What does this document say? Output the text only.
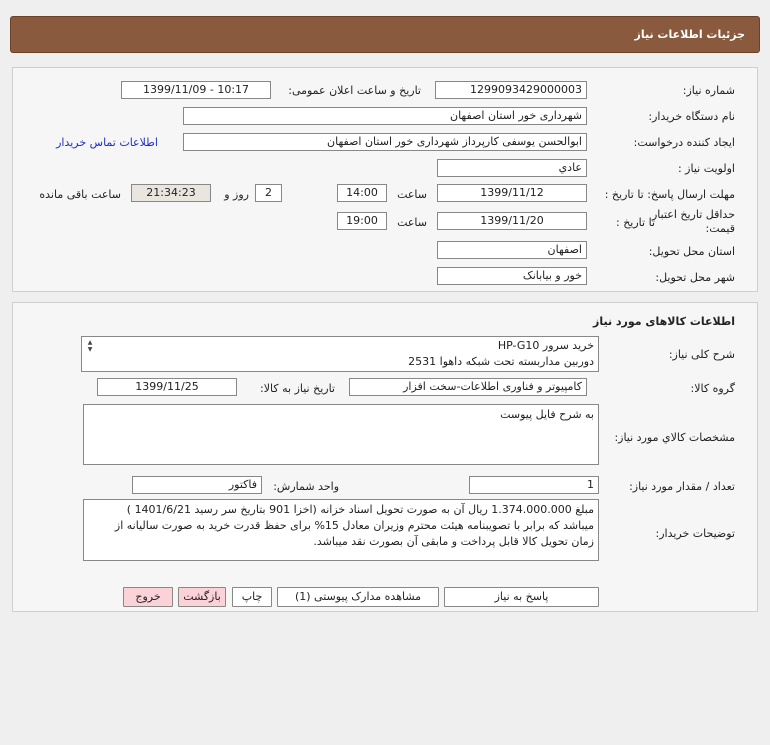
جزئیات اطلاعات نیاز
شماره نیاز:
1299093429000003
تاریخ و ساعت اعلان عمومی:
1399/11/09 - 10:17
نام دستگاه خریدار:
شهرداری خور استان اصفهان
ایجاد کننده درخواست:
ابوالحسن یوسفی کارپرداز شهرداری خور استان اصفهان
اطلاعات تماس خریدار
اولویت نیاز :
عادي
مهلت ارسال پاسخ: تا تاریخ :
1399/11/12
ساعت
14:00
2
روز و
21:34:23
ساعت باقی مانده
حداقل تاریخ اعتبار
قیمت:
تا تاریخ :
1399/11/20
ساعت
19:00
استان محل تحویل:
اصفهان
شهر محل تحویل:
خور و بیابانک
اطلاعات کالاهای مورد نیاز
شرح کلی نیاز:
خرید سرور HP-G10
دوربین مداربسته تحت شبکه داهوا 2531
▲
▼
گروه کالا:
کامپیوتر و فناوری اطلاعات-سخت افزار
تاریخ نیاز به کالا:
1399/11/25
مشخصات کالاي مورد نیاز:
به شرح فایل پیوست
تعداد / مقدار مورد نیاز:
1
واحد شمارش:
فاکتور
توضیحات خریدار:
مبلغ 1.374.000.000 ریال آن به صورت تحویل اسناد خزانه (اخزا 901 بتاریخ سر رسید 1401/6/21 )
میباشد که برابر با تصویبنامه هیئت محترم وزیران معادل 15% برای حفظ قدرت خرید به صورت سالیانه از
زمان تحویل کالا قابل پرداخت و مابقی آن بصورت نقد میباشد.
پاسخ به نیاز
مشاهده مدارک پیوستی (1)
چاپ
بازگشت
خروج
